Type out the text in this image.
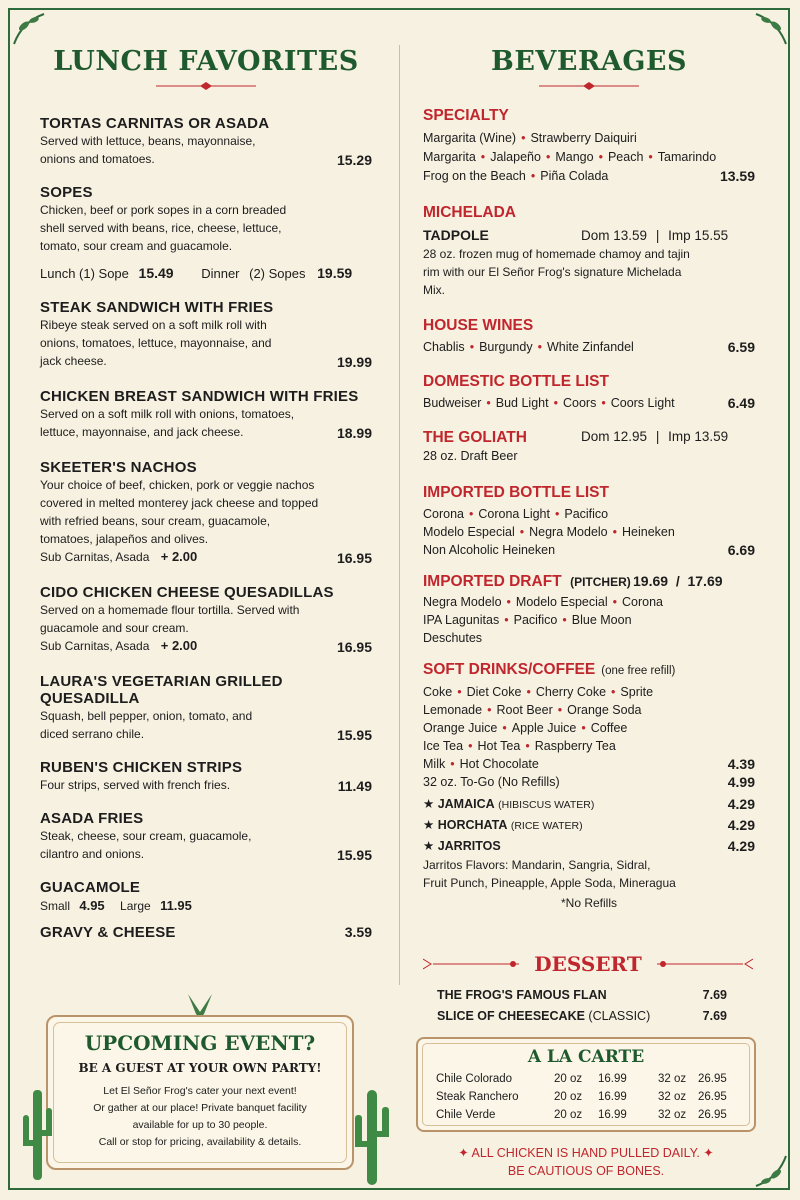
LUNCH FAVORITES
TORTAS CARNITAS OR ASADA
Served with lettuce, beans, mayonnaise, onions and tomatoes.	15.29
SOPES
Chicken, beef or pork sopes in a corn breaded shell served with beans, rice, cheese, lettuce, tomato, sour cream and guacamole.
Lunch (1) Sope 15.49 Dinner (2) Sopes 19.59
STEAK SANDWICH WITH FRIES
Ribeye steak served on a soft milk roll with onions, tomatoes, lettuce, mayonnaise, and jack cheese.	19.99
CHICKEN BREAST SANDWICH WITH FRIES
Served on a soft milk roll with onions, tomatoes, lettuce, mayonnaise, and jack cheese.	18.99
SKEETER'S NACHOS
Your choice of beef, chicken, pork or veggie nachos covered in melted monterey jack cheese and topped with refried beans, sour cream, guacamole, tomatoes, jalapeños and olives.
Sub Carnitas, Asada + 2.00	16.95
CIDO CHICKEN CHEESE QUESADILLAS
Served on a homemade flour tortilla. Served with guacamole and sour cream.
Sub Carnitas, Asada + 2.00	16.95
LAURA'S VEGETARIAN GRILLED QUESADILLA
Squash, bell pepper, onion, tomato, and diced serrano chile.	15.95
RUBEN'S CHICKEN STRIPS
Four strips, served with french fries.	11.49
ASADA FRIES
Steak, cheese, sour cream, guacamole, cilantro and onions.	15.95
GUACAMOLE
Small 4.95 Large 11.95
GRAVY & CHEESE	3.59
UPCOMING EVENT?
BE A GUEST AT YOUR OWN PARTY!
Let El Señor Frog's cater your next event!
Or gather at our place! Private banquet facility
available for up to 30 people.
Call or stop for pricing, availability & details.
BEVERAGES
SPECIALTY
Margarita (Wine) • Strawberry Daiquiri
Margarita • Jalapeño • Mango • Peach • Tamarindo
Frog on the Beach • Piña Colada	13.59
MICHELADA
TADPOLE	Dom 13.59 | Imp 15.55
28 oz. frozen mug of homemade chamoy and tajin rim with our El Señor Frog's signature Michelada Mix.
HOUSE WINES
Chablis • Burgundy • White Zinfandel	6.59
DOMESTIC BOTTLE LIST
Budweiser • Bud Light • Coors • Coors Light	6.49
THE GOLIATH	Dom 12.95 | Imp 13.59
28 oz. Draft Beer
IMPORTED BOTTLE LIST
Corona • Corona Light • Pacifico
Modelo Especial • Negra Modelo • Heineken
Non Alcoholic Heineken	6.69
IMPORTED DRAFT (PITCHER) 19.69  /  17.69
Negra Modelo • Modelo Especial • Corona
IPA Lagunitas • Pacifico • Blue Moon
Deschutes
SOFT DRINKS/COFFEE (one free refill)
Coke • Diet Coke • Cherry Coke • Sprite
Lemonade • Root Beer • Orange Soda
Orange Juice • Apple Juice • Coffee
Ice Tea • Hot Tea • Raspberry Tea
Milk • Hot Chocolate	4.39
32 oz. To-Go (No Refills)	4.99
★ JAMAICA (HIBISCUS WATER)	4.29
★ HORCHATA (RICE WATER)	4.29
★ JARRITOS	4.29
Jarritos Flavors: Mandarin, Sangria, Sidral,
Fruit Punch, Pineapple, Apple Soda, Mineragua
*No Refills
DESSERT
THE FROG'S FAMOUS FLAN	7.69
SLICE OF CHEESECAKE (CLASSIC)	7.69
A LA CARTE
Chile Colorado	20 oz 16.99	32 oz 26.95
Steak Ranchero	20 oz 16.99	32 oz 26.95
Chile Verde	20 oz 16.99	32 oz 26.95
✦ ALL CHICKEN IS HAND PULLED DAILY. ✦
BE CAUTIOUS OF BONES.
